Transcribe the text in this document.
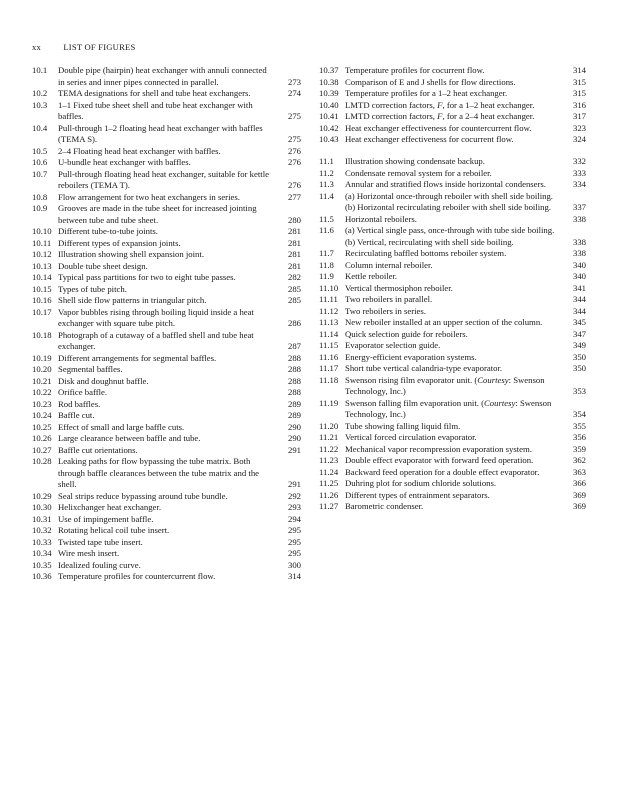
xx	LIST OF FIGURES
10.1	Double pipe (hairpin) heat exchanger with annuli connected in series and inner pipes connected in parallel.	273
10.2	TEMA designations for shell and tube heat exchangers.	274
10.3	1–1 Fixed tube sheet shell and tube heat exchanger with baffles.	275
10.4	Pull-through 1–2 floating head heat exchanger with baffles (TEMA S).	275
10.5	2–4 Floating head heat exchanger with baffles.	276
10.6	U-bundle heat exchanger with baffles.	276
10.7	Pull-through floating head heat exchanger, suitable for kettle reboilers (TEMA T).	276
10.8	Flow arrangement for two heat exchangers in series.	277
10.9	Grooves are made in the tube sheet for increased jointing between tube and tube sheet.	280
10.10 Different tube-to-tube joints.	281
10.11 Different types of expansion joints.	281
10.12 Illustration showing shell expansion joint.	281
10.13 Double tube sheet design.	281
10.14 Typical pass partitions for two to eight tube passes.	282
10.15 Types of tube pitch.	285
10.16 Shell side flow patterns in triangular pitch.	285
10.17 Vapor bubbles rising through boiling liquid inside a heat exchanger with square tube pitch.	286
10.18 Photograph of a cutaway of a baffled shell and tube heat exchanger.	287
10.19 Different arrangements for segmental baffles.	288
10.20 Segmental baffles.	288
10.21 Disk and doughnut baffle.	288
10.22 Orifice baffle.	288
10.23 Rod baffles.	289
10.24 Baffle cut.	289
10.25 Effect of small and large baffle cuts.	290
10.26 Large clearance between baffle and tube.	290
10.27 Baffle cut orientations.	291
10.28 Leaking paths for flow bypassing the tube matrix. Both through baffle clearances between the tube matrix and the shell.	291
10.29 Seal strips reduce bypassing around tube bundle.	292
10.30 Helixchanger heat exchanger.	293
10.31 Use of impingement baffle.	294
10.32 Rotating helical coil tube insert.	295
10.33 Twisted tape tube insert.	295
10.34 Wire mesh insert.	295
10.35 Idealized fouling curve.	300
10.36 Temperature profiles for countercurrent flow.	314
10.37 Temperature profiles for cocurrent flow.	314
10.38 Comparison of E and J shells for flow directions.	315
10.39 Temperature profiles for a 1–2 heat exchanger.	315
10.40 LMTD correction factors, F, for a 1–2 heat exchanger.	316
10.41 LMTD correction factors, F, for a 2–4 heat exchanger.	317
10.42 Heat exchanger effectiveness for countercurrent flow.	323
10.43 Heat exchanger effectiveness for cocurrent flow.	324
11.1	Illustration showing condensate backup.	332
11.2	Condensate removal system for a reboiler.	333
11.3	Annular and stratified flows inside horizontal condensers.	334
11.4	(a) Horizontal once-through reboiler with shell side boiling. (b) Horizontal recirculating reboiler with shell side boiling.	337
11.5	Horizontal reboilers.	338
11.6	(a) Vertical single pass, once-through with tube side boiling. (b) Vertical, recirculating with shell side boiling.	338
11.7	Recirculating baffled bottoms reboiler system.	338
11.8	Column internal reboiler.	340
11.9	Kettle reboiler.	340
11.10 Vertical thermosiphon reboiler.	341
11.11 Two reboilers in parallel.	344
11.12 Two reboilers in series.	344
11.13 New reboiler installed at an upper section of the column.	345
11.14 Quick selection guide for reboilers.	347
11.15 Evaporator selection guide.	349
11.16 Energy-efficient evaporation systems.	350
11.17 Short tube vertical calandria-type evaporator.	350
11.18 Swenson rising film evaporator unit. (Courtesy: Swenson Technology, Inc.)	353
11.19 Swenson falling film evaporation unit. (Courtesy: Swenson Technology, Inc.)	354
11.20 Tube showing falling liquid film.	355
11.21 Vertical forced circulation evaporator.	356
11.22 Mechanical vapor recompression evaporation system.	359
11.23 Double effect evaporator with forward feed operation.	362
11.24 Backward feed operation for a double effect evaporator.	363
11.25 Duhring plot for sodium chloride solutions.	366
11.26 Different types of entrainment separators.	369
11.27 Barometric condenser.	369
